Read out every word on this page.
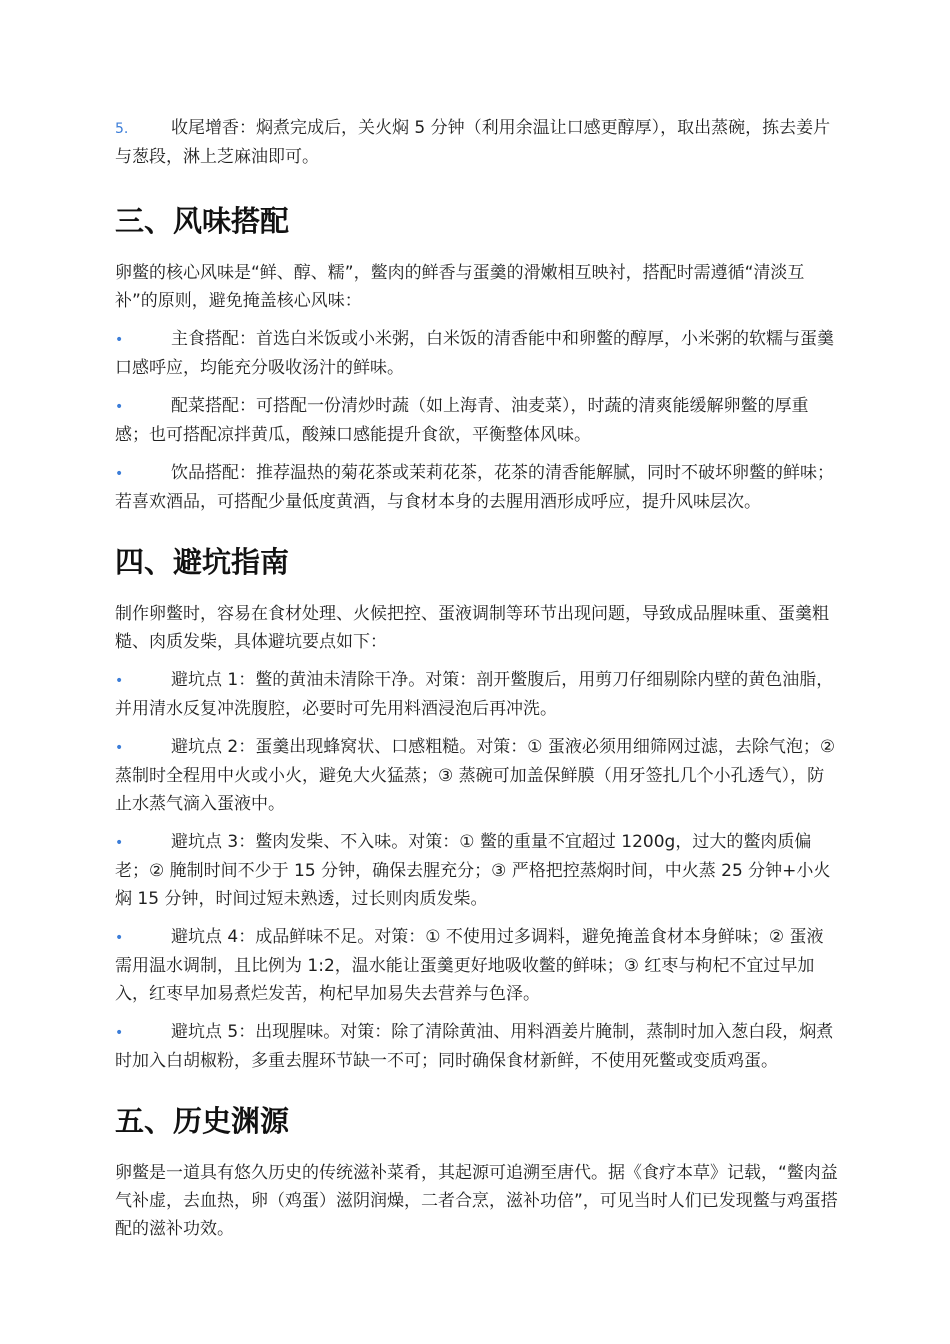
5.	收尾增香：焖煮完成后，关火焖 5 分钟（利用余温让口感更醇厚），取出蒸碗，拣去姜片与葱段，淋上芝麻油即可。

三、风味搭配

卵鳖的核心风味是“鲜、醇、糯”，鳖肉的鲜香与蛋羹的滑嫩相互映衬，搭配时需遵循“清淡互补”的原则，避免掩盖核心风味：

•	主食搭配：首选白米饭或小米粥，白米饭的清香能中和卵鳖的醇厚，小米粥的软糯与蛋羹口感呼应，均能充分吸收汤汁的鲜味。

•	配菜搭配：可搭配一份清炒时蔬（如上海青、油麦菜），时蔬的清爽能缓解卵鳖的厚重感；也可搭配凉拌黄瓜，酸辣口感能提升食欲，平衡整体风味。

•	饮品搭配：推荐温热的菊花茶或茉莉花茶，花茶的清香能解腻，同时不破坏卵鳖的鲜味；若喜欢酒品，可搭配少量低度黄酒，与食材本身的去腥用酒形成呼应，提升风味层次。

四、避坑指南

制作卵鳖时，容易在食材处理、火候把控、蛋液调制等环节出现问题，导致成品腥味重、蛋羹粗糙、肉质发柴，具体避坑要点如下：

•	避坑点 1：鳖的黄油未清除干净。对策：剖开鳖腹后，用剪刀仔细剔除内壁的黄色油脂，并用清水反复冲洗腹腔，必要时可先用料酒浸泡后再冲洗。

•	避坑点 2：蛋羹出现蜂窝状、口感粗糙。对策：① 蛋液必须用细筛网过滤，去除气泡；② 蒸制时全程用中火或小火，避免大火猛蒸；③ 蒸碗可加盖保鲜膜（用牙签扎几个小孔透气），防止水蒸气滴入蛋液中。

•	避坑点 3：鳖肉发柴、不入味。对策：① 鳖的重量不宜超过 1200g，过大的鳖肉质偏老；② 腌制时间不少于 15 分钟，确保去腥充分；③ 严格把控蒸焖时间，中火蒸 25 分钟+小火焖 15 分钟，时间过短未熟透，过长则肉质发柴。

•	避坑点 4：成品鲜味不足。对策：① 不使用过多调料，避免掩盖食材本身鲜味；② 蛋液需用温水调制，且比例为 1:2，温水能让蛋羹更好地吸收鳖的鲜味；③ 红枣与枸杞不宜过早加入，红枣早加易煮烂发苦，枸杞早加易失去营养与色泽。

•	避坑点 5：出现腥味。对策：除了清除黄油、用料酒姜片腌制，蒸制时加入葱白段，焖煮时加入白胡椒粉，多重去腥环节缺一不可；同时确保食材新鲜，不使用死鳖或变质鸡蛋。

五、历史渊源

卵鳖是一道具有悠久历史的传统滋补菜肴，其起源可追溯至唐代。据《食疗本草》记载，“鳖肉益气补虚，去血热，卵（鸡蛋）滋阴润燥，二者合烹，滋补功倍”，可见当时人们已发现鳖与鸡蛋搭配的滋补功效。
